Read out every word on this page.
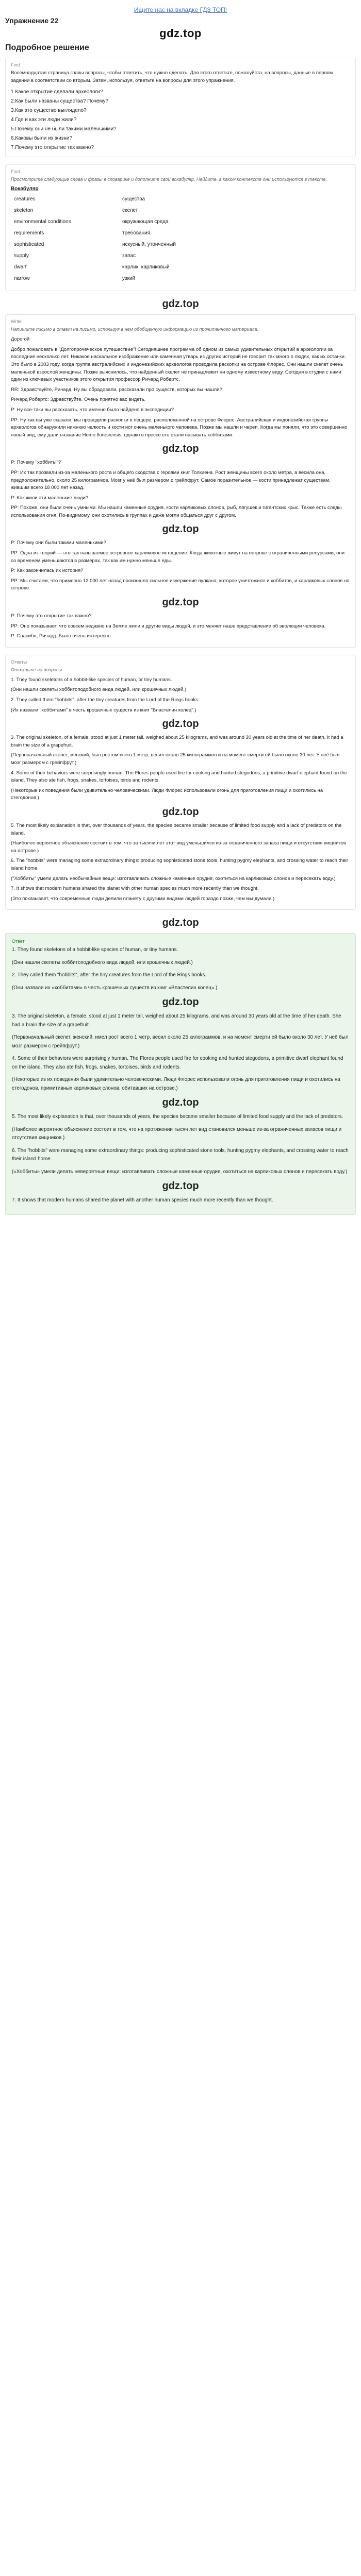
Ищите нас на вкладке ГДЗ ТОП!
Упражнение 22
gdz.top
Подробное решение
Find

Восемнадцатая страница главы вопросы, чтобы ответить, что нужно сделать. Для этого ответьте, пожалуйста, на вопросы, данные в первом задании в соответствии со вторым. Затем, используя, ответьте на вопросы для этого упражнения.

1.Какое открытие сделали археологи?

2.Как были названы существа? Почему?

3.Как это существо выглядело?

4.Где и как эти люди жили?

5.Почему они не были такими маленькими?

6.Каковы были их жизни?

7.Почему это открытие так важно?

Find

Просмотрите следующие слова и фразы в словарике и дополните свой вокабуляр. Найдите, в каком контексте они используются в тексте.

Вокабуляр
creatures	существа
skeleton	скелет
environmental conditions	окружающая среда
requirements	требования
sophisticated	искусный, утонченный
supply	запас
dwarf	карлик, карликовый
narrow	узкий
gdz.top
Write

Напишите письмо в ответ на письмо, используя в нем обобщенную информацию из прочитанного материала.

Дорогой

Добро пожаловать в "Долгопрочеческое путешествие"! Сегодняшнее программа об одном из самых удивительных открытий в археологии за последние несколько лет. Никакое наскальное изображение или каменная утварь из других историй не говорит так много о людях, как их останки. Это было в 2003 году, когда группа австралийских и индонезийских археологов проводила раскопки на острове Флорес. Они нашли скелет очень маленькой взрослой женщины. Позже выяснилось, что найденный скелет не принадлежит ни одному известному виду. Сегодня в студии с нами один из ключевых участников этого открытия профессор Ричард Робертс.

RR: Здравствуйте, Ричард. Ну вы обрадовали, рассказали про существ, которых вы нашли?

Ричард Робертс: Здравствуйте. Очень приятно вас видеть.

P: Ну все-таки вы рассказать, что именно было найдено в экспедиции?

PP: Ну как вы уже сказали, мы проводили раскопки в пещере, расположенной на острове Флорес. Австралийская и индонезийская группы археологов обнаружили нижнюю челюсть и кости ног очень маленького человека. Позже мы нашли и череп. Когда мы поняли, что это совершенно новый вид, ему дали название Homo floresiensis, однако в прессе его стали называть хоббитами.

gdz.top

P: Почему "хоббиты"?

PP: Их так прозвали из-за маленького роста и общего сходства с героями книг Толкиена. Рост женщины всего около метра, а весила она, предположительно, около 25 килограммов. Мозг у неё был размером с грейпфрут. Самое поразительное — кости принадлежат существам, жившим всего 18 000 лет назад.

P: Как жили эти маленькие люди?

PP: Похоже, они были очень умными. Мы нашли каменные орудия, кости карликовых слонов, рыб, лягушек и гигантских крыс. Также есть следы использования огня. По-видимому, они охотились в группах и даже могли общаться друг с другом.

gdz.top

P: Почему они были такими маленькими?

PP: Одна из теорий — это так называемое островное карликовое истощение. Когда животные живут на острове с ограниченными ресурсами, они со временем уменьшаются в размерах, так как им нужно меньше еды.

P: Как закончилась их история?

PP: Мы считаем, что примерно 12 000 лет назад произошло сильное извержение вулкана, которое уничтожило и хоббитов, и карликовых слонов на острове.

gdz.top

P: Почему это открытие так важно?

PP: Оно показывает, что совсем недавно на Земле жили и другие виды людей, и это меняет наше представление об эволюции человека.

P: Спасибо, Ричард. Было очень интересно.

Ответы

Ответьте на вопросы

1. They found skeletons of a hobbit-like species of human, or tiny humans.

(Они нашли скелеты хоббитоподобного вида людей, или крошечных людей.)

2. They called them "hobbits", after the tiny creatures from the Lord of the Rings books.

(Их назвали "хоббитами" в честь крошечных существ из книг "Властелин колец".)

gdz.top

3. The original skeleton, of a female, stood at just 1 meter tall, weighed about 25 kilograms, and was around 30 years old at the time of her death. It had a brain the size of a grapefruit.

(Первоначальный скелет, женский, был ростом всего 1 метр, весил около 25 килограммов и на момент смерти ей было около 30 лет. У неё был мозг размером с грейпфрут.)

4. Some of their behaviors were surprisingly human. The Flores people used fire for cooking and hunted stegodons, a primitive dwarf elephant found on the island. They also ate fish, frogs, snakes, tortoises, birds and rodents.

(Некоторые их поведения были удивительно человеческими. Люди Флорес использовали огонь для приготовления пищи и охотились на стегодонов.)

gdz.top

5. The most likely explanation is that, over thousands of years, the species became smaller because of limited food supply and a lack of predators on the island.

(Наиболее вероятное объяснение состоит в том, что за тысячи лет этот вид уменьшился из-за ограниченного запаса пищи и отсутствия хищников на острове.)

6. The "hobbits" were managing some extraordinary things: producing sophisticated stone tools, hunting pygmy elephants, and crossing water to reach their island home.

("Хоббиты" умели делать необычайные вещи: изготавливать сложные каменные орудия, охотиться на карликовых слонов и пересекать воду.)

7. It shows that modern humans shared the planet with other human species much more recently than we thought.

(Это показывает, что современные люди делили планету с другими видами людей гораздо позже, чем мы думали.)

gdz.top
Ответ

1. They found skeletons of a hobbit-like species of human, or tiny humans.

(Они нашли скелеты хоббитоподобного вида людей, или крошечных людей.)

2. They called them "hobbits", after the tiny creatures from the Lord of the Rings books.

(Они назвали их «хоббитами» в честь крошечных существ из книг «Властелин колец».)

gdz.top

3. The original skeleton, a female, stood at just 1 meter tall, weighed about 25 kilograms, and was around 30 years old at the time of her death. She had a brain the size of a grapefruit.

(Первоначальный скелет, женский, имел рост всего 1 метр, весил около 25 килограммов, и на момент смерти ей было около 30 лет. У неё был мозг размером с грейпфрут.)

4. Some of their behaviors were surprisingly human. The Flores people used fire for cooking and hunted stegodons, a primitive dwarf elephant found on the island. They also ate fish, frogs, snakes, tortoises, birds and rodents.

(Некоторые из их поведения были удивительно человеческими. Люди Флорес использовали огонь для приготовления пищи и охотились на стегодонов, примитивных карликовых слонов, обитавших на острове.)

gdz.top

5. The most likely explanation is that, over thousands of years, the species became smaller because of limited food supply and the lack of predators.

(Наиболее вероятное объяснение состоит в том, что на протяжении тысяч лет вид становился меньше из-за ограниченных запасов пищи и отсутствия хищников.)

6. The "hobbits" were managing some extraordinary things: producing sophisticated stone tools, hunting pygmy elephants, and crossing water to reach their island home.

(«Хоббиты» умели делать невероятные вещи: изготавливать сложные каменные орудия, охотиться на карликовых слонов и пересекать воду.)

gdz.top

7. It shows that modern humans shared the planet with another human species much more recently than we thought.
